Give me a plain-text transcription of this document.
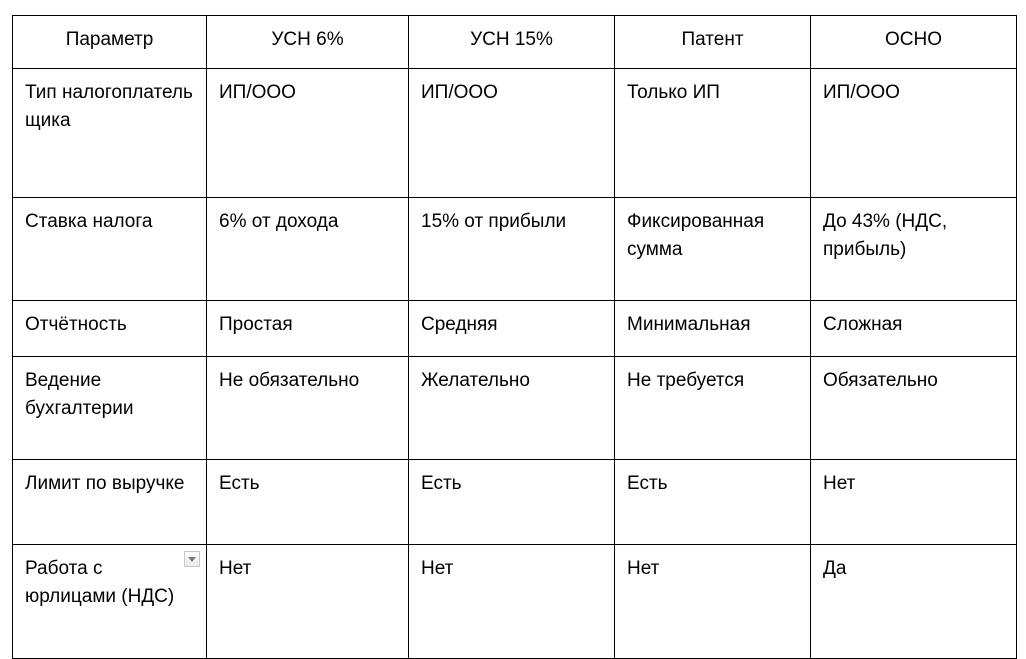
Параметр	УСН 6%	УСН 15%	Патент	ОСНО
Тип налогоплатель щика	ИП/ООО	ИП/ООО	Только ИП	ИП/ООО
Ставка налога	6% от дохода	15% от прибыли	Фиксированная сумма	До 43% (НДС, прибыль)
Отчётность	Простая	Средняя	Минимальная	Сложная
Ведение бухгалтерии	Не обязательно	Желательно	Не требуется	Обязательно
Лимит по выручке	Есть	Есть	Есть	Нет
Работа с юрлицами (НДС)	Нет	Нет	Нет	Да
